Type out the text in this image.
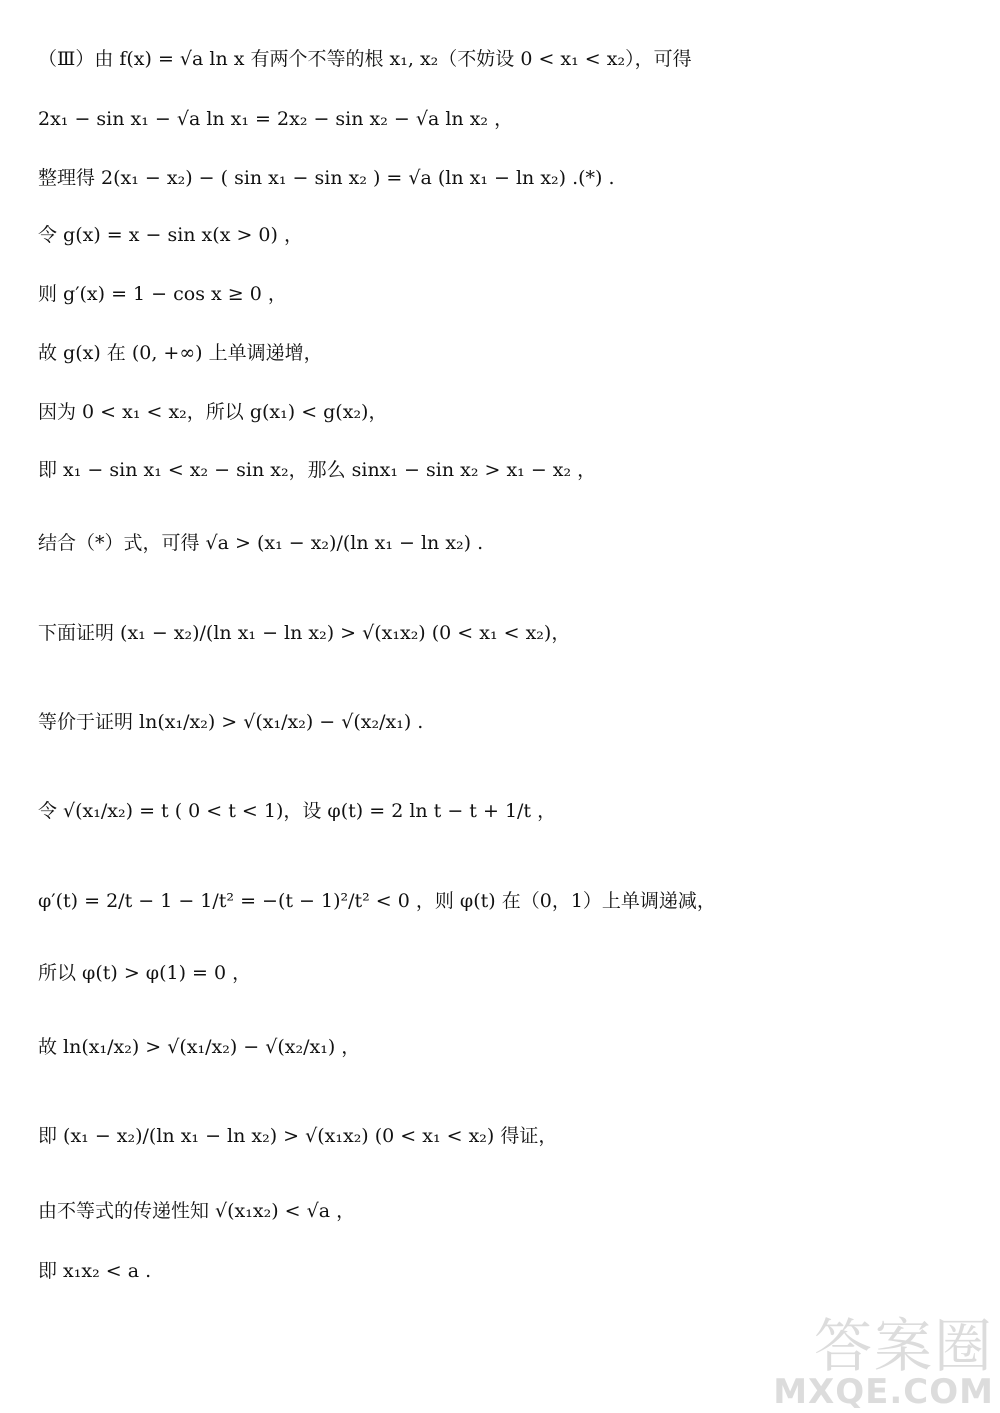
（Ⅲ）由 f(x) = √a ln x 有两个不等的根 x₁, x₂（不妨设 0 < x₁ < x₂），可得
2x₁ − sin x₁ − √a ln x₁ = 2x₂ − sin x₂ − √a ln x₂ ，
整理得 2(x₁ − x₂) − ( sin x₁ − sin x₂ ) = √a (ln x₁ − ln x₂) .(*) .
令 g(x) = x − sin x(x > 0) ，
则 g′(x) = 1 − cos x ≥ 0 ，
故 g(x) 在 (0, +∞) 上单调递增，
因为 0 < x₁ < x₂，所以 g(x₁) < g(x₂)，
即 x₁ − sin x₁ < x₂ − sin x₂，那么 sinx₁ − sin x₂ > x₁ − x₂ ，
结合（*）式，可得 √a > (x₁ − x₂)/(ln x₁ − ln x₂) .
下面证明 (x₁ − x₂)/(ln x₁ − ln x₂) > √(x₁x₂) (0 < x₁ < x₂)，
等价于证明 ln(x₁/x₂) > √(x₁/x₂) − √(x₂/x₁) .
令 √(x₁/x₂) = t ( 0 < t < 1)，设 φ(t) = 2 ln t − t + 1/t ，
φ′(t) = 2/t − 1 − 1/t² = −(t − 1)²/t² < 0 ，则 φ(t) 在（0，1）上单调递减，
所以 φ(t) > φ(1) = 0 ，
故 ln(x₁/x₂) > √(x₁/x₂) − √(x₂/x₁) ，
即 (x₁ − x₂)/(ln x₁ − ln x₂) > √(x₁x₂) (0 < x₁ < x₂) 得证，
由不等式的传递性知 √(x₁x₂) < √a ，
即 x₁x₂ < a .
答案圈
MXQE.COM
